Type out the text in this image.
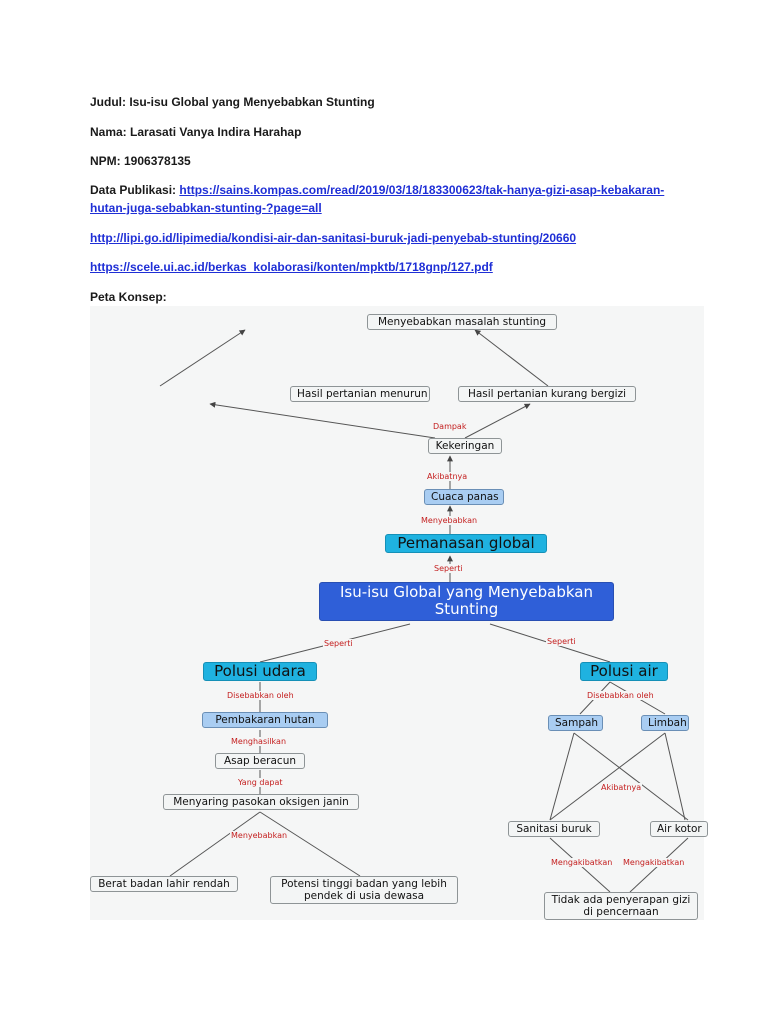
Judul: Isu-isu Global yang Menyebabkan Stunting

Nama: Larasati Vanya Indira Harahap

NPM: 1906378135

Data Publikasi: https://sains.kompas.com/read/2019/03/18/183300623/tak-hanya-gizi-asap-kebakaran-

hutan-juga-sebabkan-stunting-?page=all

http://lipi.go.id/lipimedia/kondisi-air-dan-sanitasi-buruk-jadi-penyebab-stunting/20660

https://scele.ui.ac.id/berkas_kolaborasi/konten/mpktb/1718gnp/127.pdf

Peta Konsep:

Menyebabkan masalah stunting
Hasil pertanian menurun	Hasil pertanian kurang bergizi
Kekeringan
Cuaca panas
Pemanasan global
Isu-isu Global yang Menyebabkan
Stunting
Polusi udara	Polusi air
Pembakaran hutan
Asap beracun
Menyaring pasokan oksigen janin
Berat badan lahir rendah	Potensi tinggi badan yang lebih
pendek di usia dewasa
Sampah	Limbah
Sanitasi buruk	Air kotor
Tidak ada penyerapan gizi
di pencernaan
Dampak
Akibatnya
Menyebabkan
Seperti
Seperti	Seperti
Disebabkan oleh	Disebabkan oleh
Menghasilkan
Yang dapat
Menyebabkan
Akibatnya
Mengakibatkan Mengakibatkan
